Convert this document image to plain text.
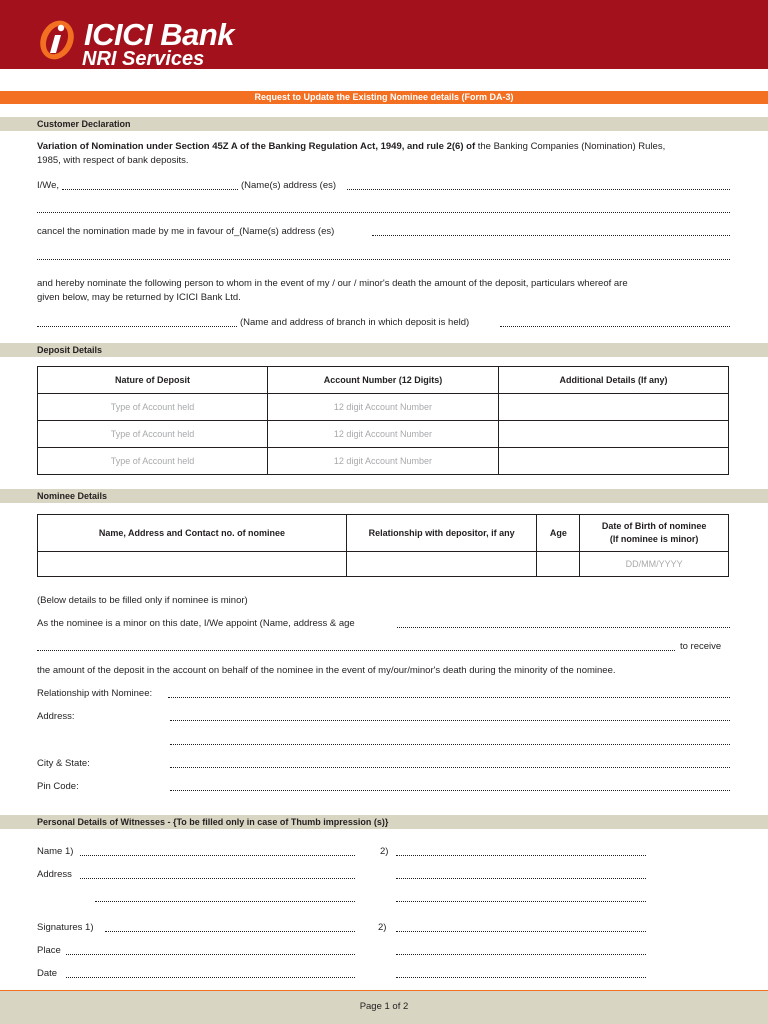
ICICI Bank
NRI Services
Request to Update the Existing Nominee details (Form DA-3)
Customer Declaration
Variation of Nomination under Section 45Z A of the Banking Regulation Act, 1949, and rule 2(6) of the Banking Companies (Nomination) Rules,
1985, with respect of bank deposits.
I/We,	(Name(s) address (es)
cancel the nomination made by me in favour of_(Name(s) address (es)
and hereby nominate the following person to whom in the event of my / our / minor's death the amount of the deposit, particulars whereof are
given below, may be returned by ICICI Bank Ltd.
(Name and address of branch in which deposit is held)
Deposit Details
Nature of Deposit	Account Number (12 Digits)	Additional Details (If any)
Type of Account held	12 digit Account Number	
Type of Account held	12 digit Account Number	
Type of Account held	12 digit Account Number	
Nominee Details
Name, Address and Contact no. of nominee	Relationship with depositor, if any	Age	Date of Birth of nominee
(If nominee is minor)

			DD/MM/YYYY
(Below details to be filled only if nominee is minor)
As the nominee is a minor on this date, I/We appoint (Name, address & age
to receive
the amount of the deposit in the account on behalf of the nominee in the event of my/our/minor's death during the minority of the nominee.
Relationship with Nominee:
Address:
City & State:
Pin Code:
Personal Details of Witnesses - {To be filled only in case of Thumb impression (s)}
Name 1)	2)
Address
Signatures 1)	2)
Place
Date
Page 1 of 2
